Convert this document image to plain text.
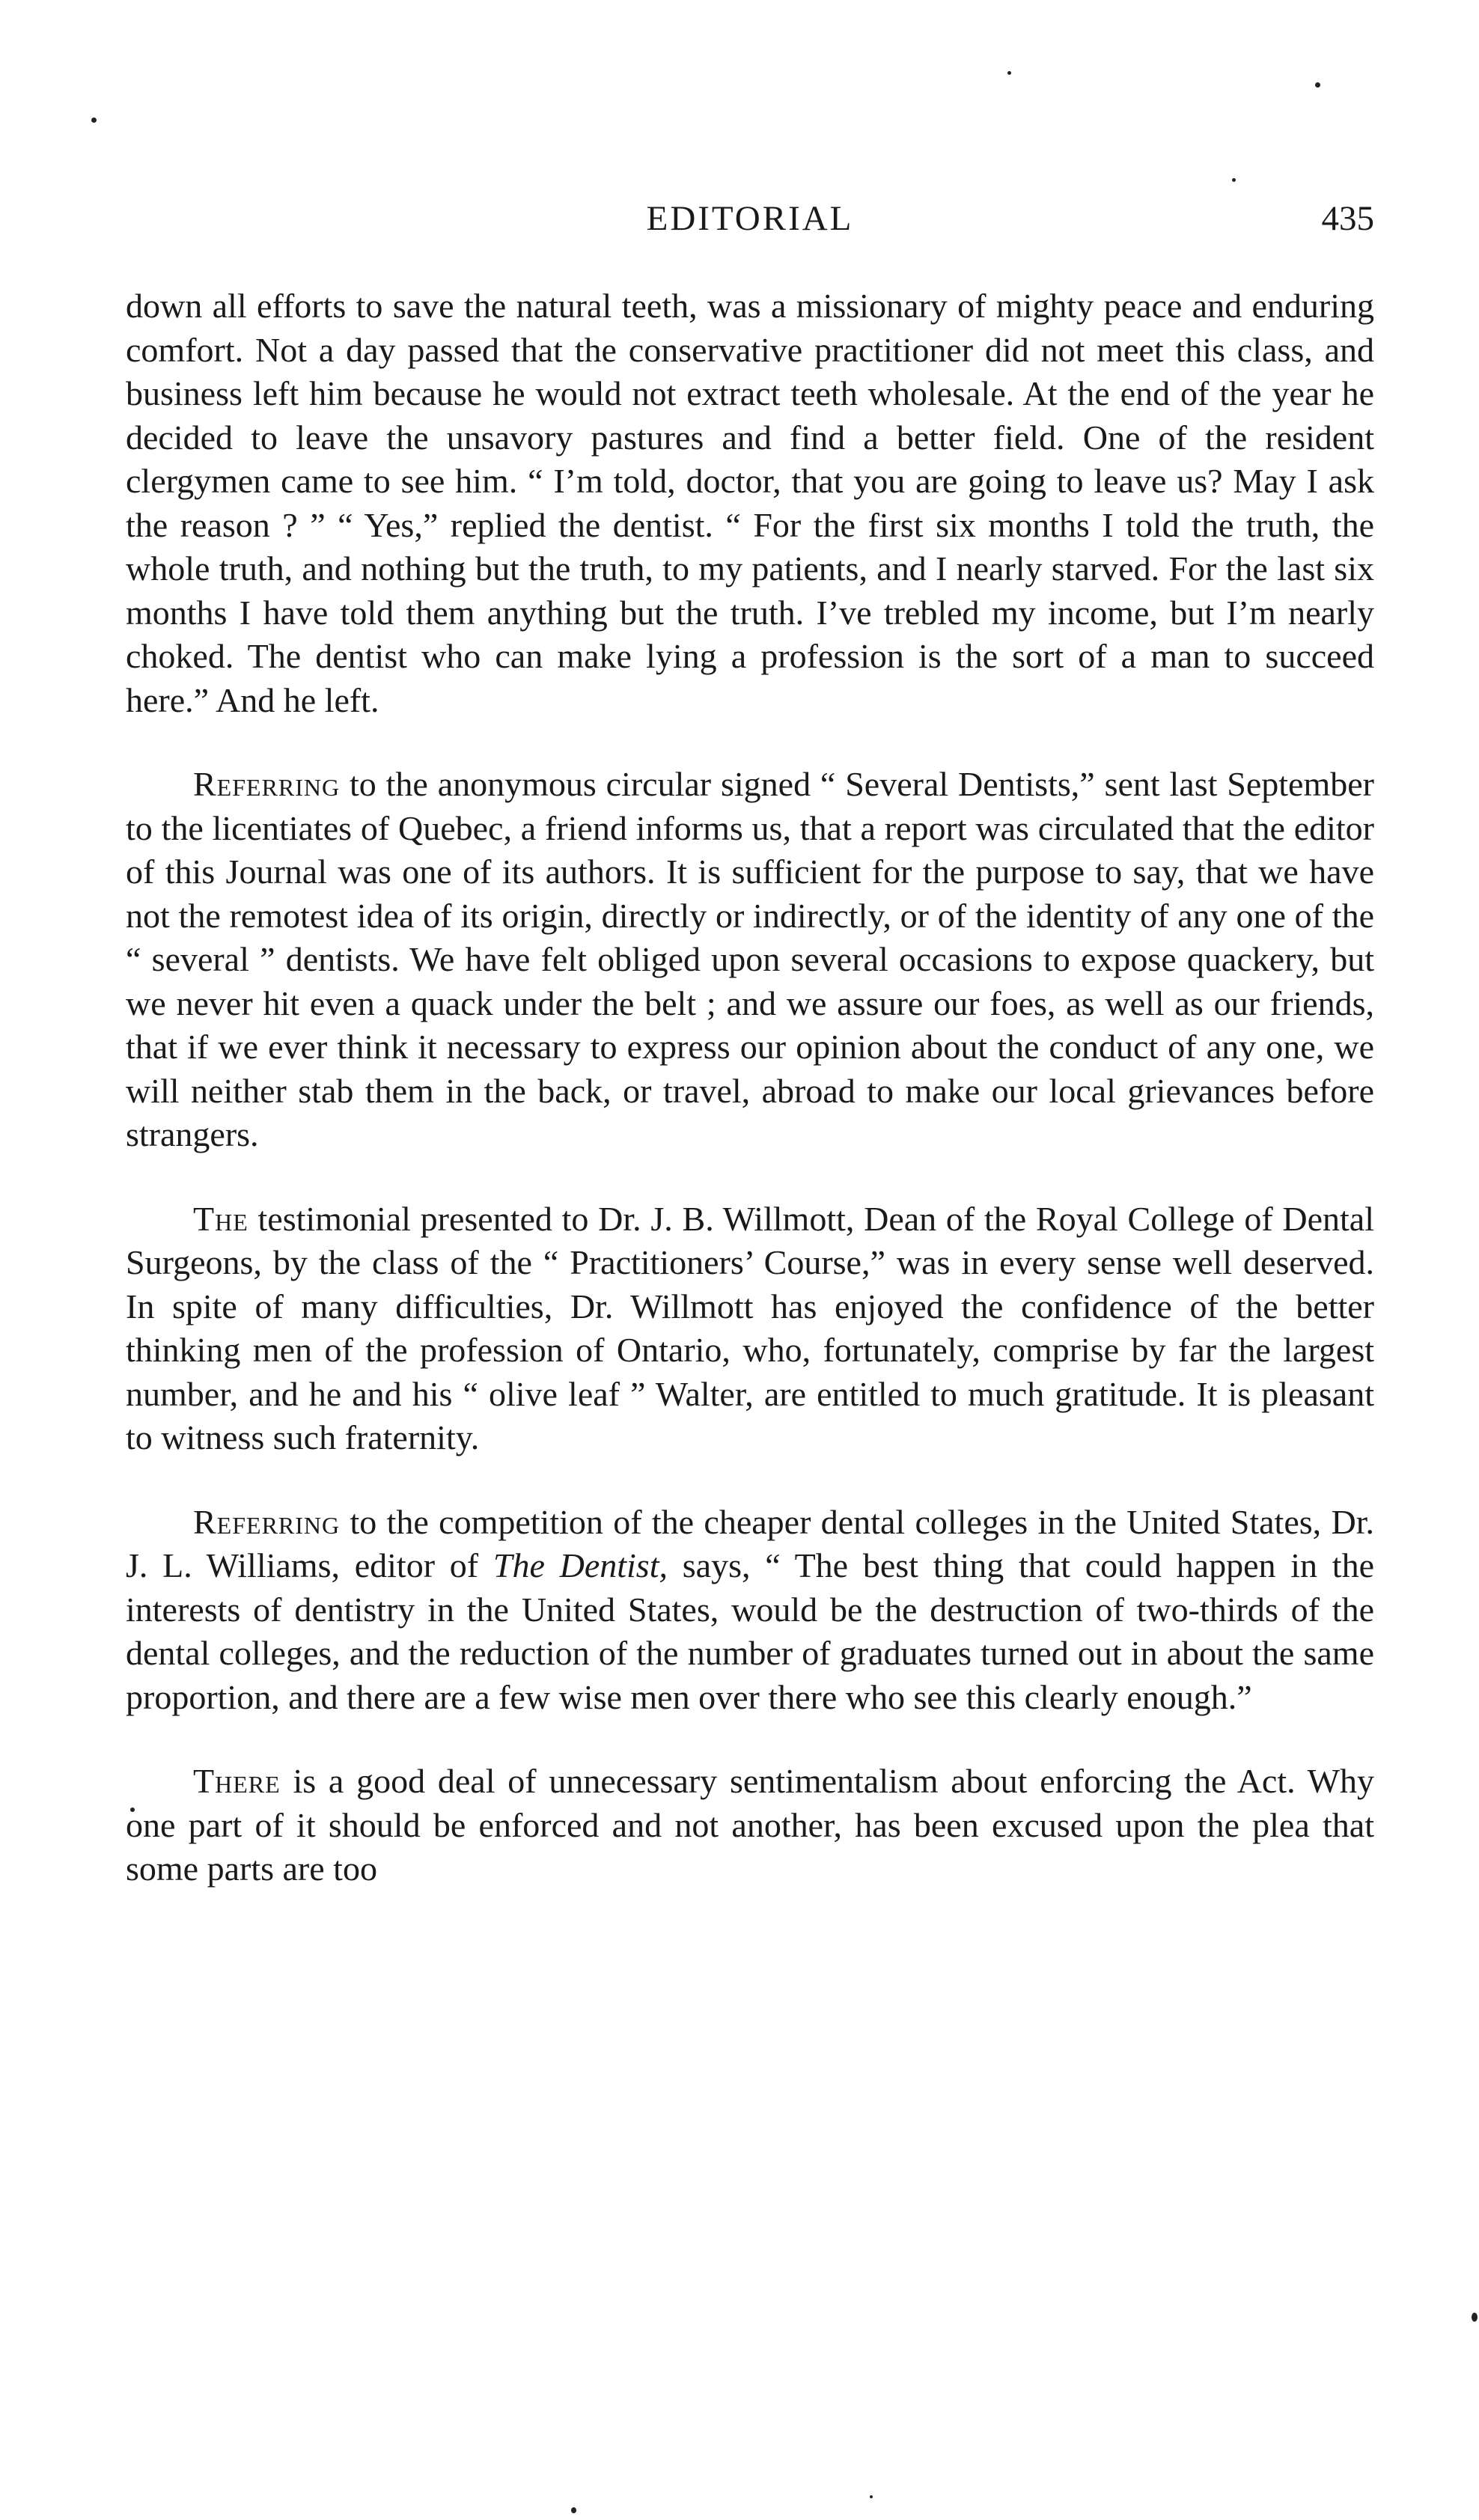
EDITORIAL	435

down all efforts to save the natural teeth, was a missionary of mighty peace and enduring comfort. Not a day passed that the conservative practitioner did not meet this class, and business left him because he would not extract teeth wholesale. At the end of the year he decided to leave the unsavory pastures and find a better field. One of the resident clergymen came to see him. “ I’m told, doctor, that you are going to leave us? May I ask the reason ? ” “ Yes,” replied the dentist. “ For the first six months I told the truth, the whole truth, and nothing but the truth, to my patients, and I nearly starved. For the last six months I have told them anything but the truth. I’ve trebled my income, but I’m nearly choked. The dentist who can make lying a profession is the sort of a man to succeed here.” And he left.

Referring to the anonymous circular signed “ Several Dentists,” sent last September to the licentiates of Quebec, a friend informs us, that a report was circulated that the editor of this Journal was one of its authors. It is sufficient for the purpose to say, that we have not the remotest idea of its origin, directly or indirectly, or of the identity of any one of the “ several ” dentists. We have felt obliged upon several occasions to expose quackery, but we never hit even a quack under the belt ; and we assure our foes, as well as our friends, that if we ever think it necessary to express our opinion about the conduct of any one, we will neither stab them in the back, or travel, abroad to make our local grievances before strangers.

The testimonial presented to Dr. J. B. Willmott, Dean of the Royal College of Dental Surgeons, by the class of the “ Practitioners’ Course,” was in every sense well deserved. In spite of many difficulties, Dr. Willmott has enjoyed the confidence of the better thinking men of the profession of Ontario, who, fortunately, comprise by far the largest number, and he and his “ olive leaf ” Walter, are entitled to much gratitude. It is pleasant to witness such fraternity.

Referring to the competition of the cheaper dental colleges in the United States, Dr. J. L. Williams, editor of The Dentist, says, “ The best thing that could happen in the interests of dentistry in the United States, would be the destruction of two-thirds of the dental colleges, and the reduction of the number of graduates turned out in about the same proportion, and there are a few wise men over there who see this clearly enough.”

There is a good deal of unnecessary sentimentalism about enforcing the Act. Why one part of it should be enforced and not another, has been excused upon the plea that some parts are too
